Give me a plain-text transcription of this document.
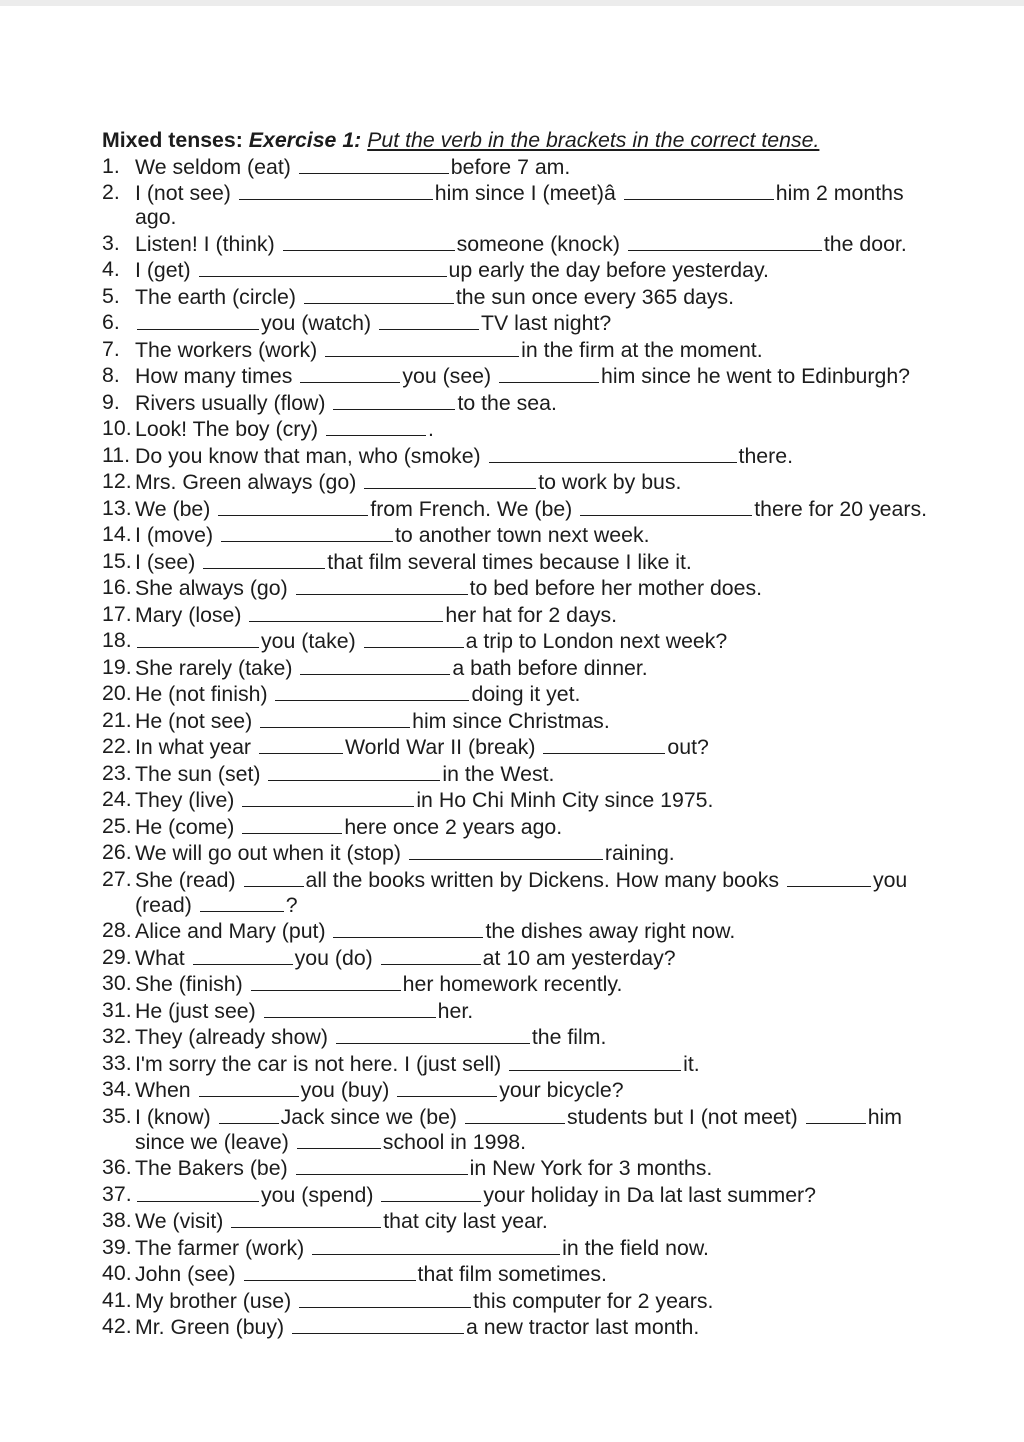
Mixed tenses: Exercise 1: Put the verb in the brackets in the correct tense.
1. We seldom (eat)	before 7 am.
2. I (not see)	him since I (meet)â	him 2 months
ago.
3. Listen! I (think)	someone (knock)	the door.
4. I (get)	up early the day before yesterday.
5. The earth (circle)	the sun once every 365 days.
6.	you (watch)	TV last night?
7. The workers (work)	in the firm at the moment.
8. How many times	you (see)	him since he went to Edinburgh?
9. Rivers usually (flow)	to the sea.
10. Look! The boy (cry)	.
11. Do you know that man, who (smoke)	there.
12. Mrs. Green always (go)	to work by bus.
13. We (be)	from French. We (be)	there for 20 years.
14. I (move)	to another town next week.
15. I (see)	that film several times because I like it.
16. She always (go)	to bed before her mother does.
17. Mary (lose)	her hat for 2 days.
18.	you (take)	a trip to London next week?
19. She rarely (take)	a bath before dinner.
20. He (not finish)	doing it yet.
21. He (not see)	him since Christmas.
22. In what year	World War II (break)	out?
23. The sun (set)	in the West.
24. They (live)	in Ho Chi Minh City since 1975.
25. He (come)	here once 2 years ago.
26. We will go out when it (stop)	raining.
27. She (read)	all the books written by Dickens. How many books	you
(read)	?
28. Alice and Mary (put)	the dishes away right now.
29. What	you (do)	at 10 am yesterday?
30. She (finish)	her homework recently.
31. He (just see)	her.
32. They (already show)	the film.
33. I'm sorry the car is not here. I (just sell)	it.
34. When	you (buy)	your bicycle?
35. I (know)	Jack since we (be)	students but I (not meet)	him
since we (leave)	school in 1998.
36. The Bakers (be)	in New York for 3 months.
37.	you (spend)	your holiday in Da lat last summer?
38. We (visit)	that city last year.
39. The farmer (work)	in the field now.
40. John (see)	that film sometimes.
41. My brother (use)	this computer for 2 years.
42. Mr. Green (buy)	a new tractor last month.
